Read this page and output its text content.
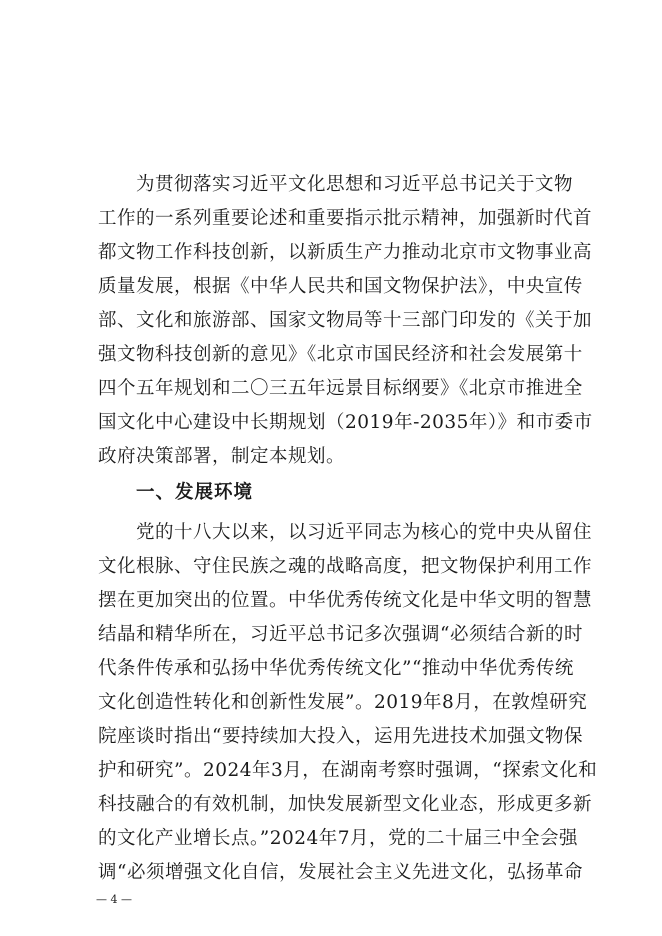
为贯彻落实习近平文化思想和习近平总书记关于文物
工作的一系列重要论述和重要指示批示精神，加强新时代首
都文物工作科技创新，以新质生产力推动北京市文物事业高
质量发展，根据《中华人民共和国文物保护法》，中央宣传
部、文化和旅游部、国家文物局等十三部门印发的《关于加
强文物科技创新的意见》《北京市国民经济和社会发展第十
四个五年规划和二〇三五年远景目标纲要》《北京市推进全
国文化中心建设中长期规划（2019年-2035年）》和市委市
政府决策部署，制定本规划。
一、发展环境
党的十八大以来，以习近平同志为核心的党中央从留住
文化根脉、守住民族之魂的战略高度，把文物保护利用工作
摆在更加突出的位置。中华优秀传统文化是中华文明的智慧
结晶和精华所在，习近平总书记多次强调“必须结合新的时
代条件传承和弘扬中华优秀传统文化”“推动中华优秀传统
文化创造性转化和创新性发展”。2019年8月，在敦煌研究
院座谈时指出“要持续加大投入，运用先进技术加强文物保
护和研究”。2024年3月，在湖南考察时强调，“探索文化和
— 4 —
科技融合的有效机制，加快发展新型文化业态，形成更多新
的文化产业增长点。”2024年7月，党的二十届三中全会强
调“必须增强文化自信，发展社会主义先进文化，弘扬革命
